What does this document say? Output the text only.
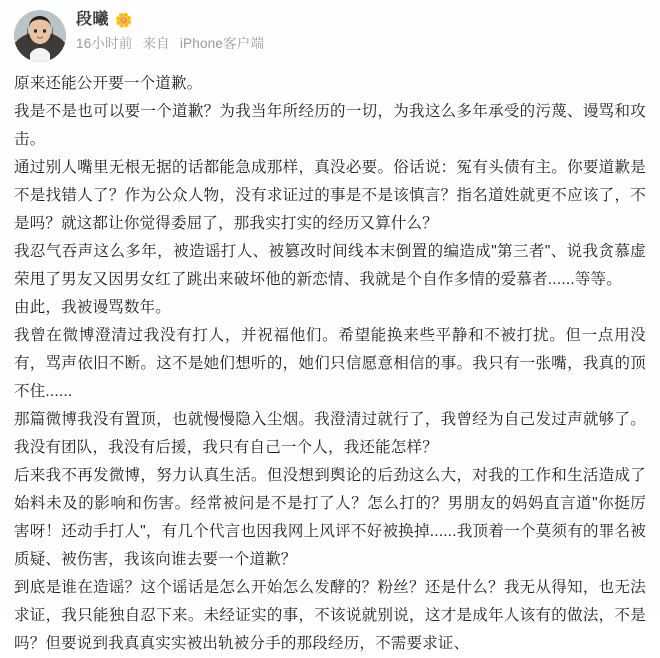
段曦 🌼
16小时前 来自 iPhone客户端

原来还能公开要一个道歉。

我是不是也可以要一个道歉？为我当年所经历的一切，为我这么多年承受的污蔑、谩骂和攻击。

通过别人嘴里无根无据的话都能急成那样，真没必要。俗话说：冤有头债有主。你要道歉是不是找错人了？作为公众人物，没有求证过的事是不是该慎言？指名道姓就更不应该了，不是吗？就这都让你觉得委屈了，那我实打实的经历又算什么？

我忍气吞声这么多年，被造谣打人、被篡改时间线本末倒置的编造成"第三者"、说我贪慕虚荣甩了男友又因男女红了跳出来破坏他的新恋情、我就是个自作多情的爱慕者......等等。

由此，我被谩骂数年。

我曾在微博澄清过我没有打人，并祝福他们。希望能换来些平静和不被打扰。但一点用没有，骂声依旧不断。这不是她们想听的，她们只信愿意相信的事。我只有一张嘴，我真的顶不住......

那篇微博我没有置顶，也就慢慢隐入尘烟。我澄清过就行了，我曾经为自己发过声就够了。我没有团队，我没有后援，我只有自己一个人，我还能怎样？

后来我不再发微博，努力认真生活。但没想到舆论的后劲这么大，对我的工作和生活造成了始料未及的影响和伤害。经常被问是不是打了人？怎么打的？男朋友的妈妈直言道"你挺厉害呀！还动手打人"，有几个代言也因我网上风评不好被换掉......我顶着一个莫须有的罪名被质疑、被伤害，我该向谁去要一个道歉？

到底是谁在造谣？这个谣话是怎么开始怎么发酵的？粉丝？还是什么？我无从得知，也无法求证，我只能独自忍下来。未经证实的事，不该说就别说，这才是成年人该有的做法，不是吗？但要说到我真真实实被出轨被分手的那段经历，不需要求证、
